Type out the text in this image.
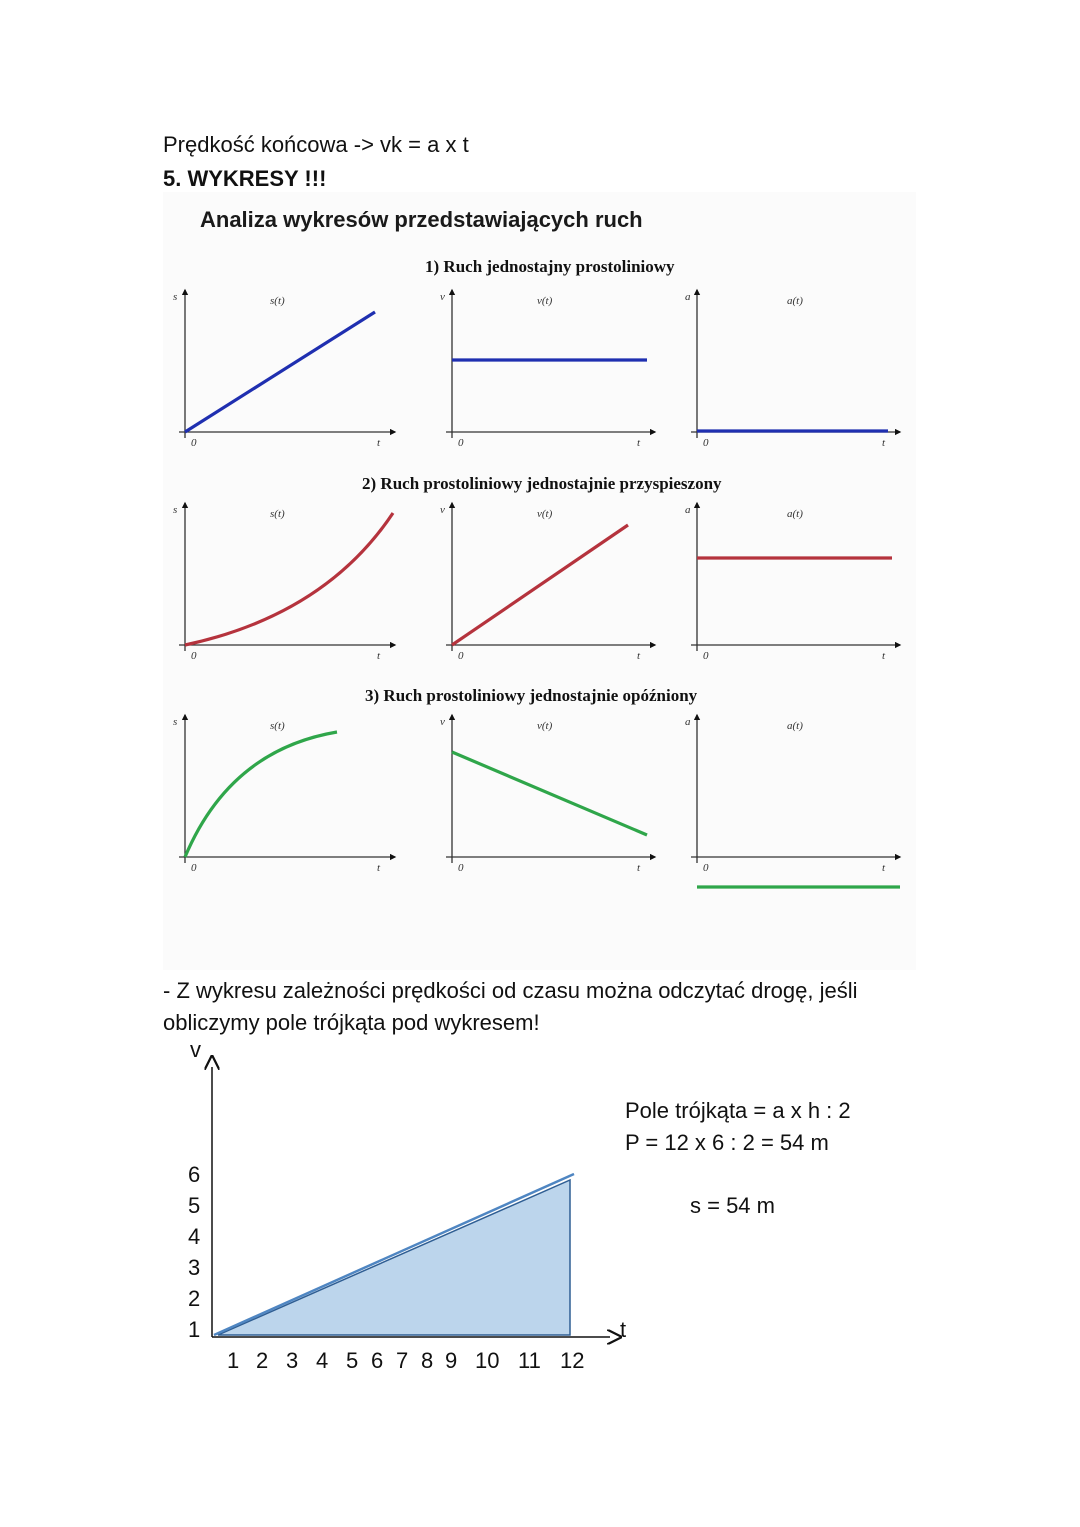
Prędkość końcowa -> vk = a x t
5. WYKRESY !!!
Analiza wykresów przedstawiających ruch
1) Ruch jednostajny prostoliniowy
2) Ruch prostoliniowy jednostajnie przyspieszony
3) Ruch prostoliniowy jednostajnie opóźniony
s
t
0
s(t)	v
t
0
v(t)	a
t
0
a(t)
s
t
0
s(t)	v
t
0
v(t)	a
t
0
a(t)
s
t
0
s(t)	v
t
0
v(t)	a
t
0
a(t)
- Z wykresu zależności prędkości od czasu można odczytać drogę, jeśli obliczymy pole trójkąta pod wykresem!
v
t
1
2
3
4
5
6
1 2 3 4 5 6 7 8 9 10 11 12
Pole trójkąta = a x h : 2
P = 12 x 6 : 2 = 54 m
s = 54 m
